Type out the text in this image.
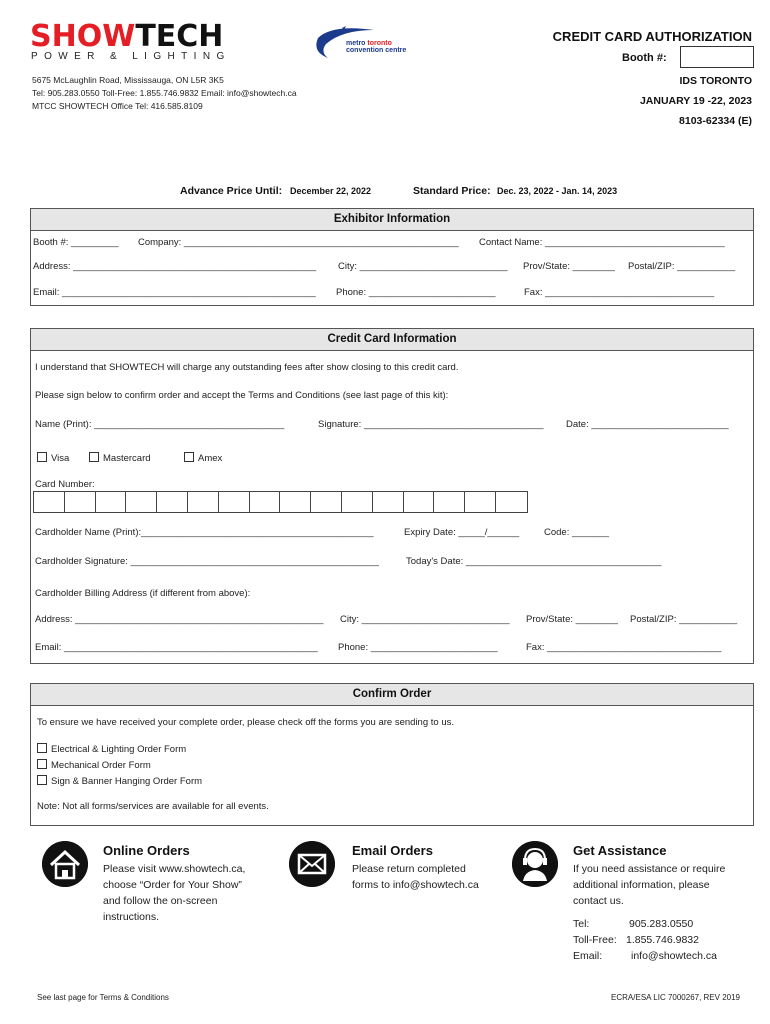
SHOWTECH
POWER & LIGHTING
metro toronto
convention centre
CREDIT CARD AUTHORIZATION
Booth #:
5675 McLaughlin Road, Mississauga, ON L5R 3K5
Tel: 905.283.0550 Toll-Free: 1.855.746.9832 Email: info@showtech.ca
MTCC SHOWTECH Office Tel: 416.585.8109
IDS TORONTO
JANUARY 19 -22, 2023
8103-62334 (E)
Advance Price Until: December 22, 2022	Standard Price: Dec. 23, 2022 - Jan. 14, 2023
Exhibitor Information
Booth #: _________ Company: ____________________________________________________ Contact Name: __________________________________
Address: ______________________________________________ City: ____________________________ Prov/State: ________ Postal/ZIP: ___________
Email: ________________________________________________ Phone: ________________________	Fax: ________________________________
Credit Card Information
I understand that SHOWTECH will charge any outstanding fees after show closing to this credit card.
Please sign below to confirm order and accept the Terms and Conditions (see last page of this kit):
Name (Print): ____________________________________	Signature: __________________________________ Date: __________________________
Visa	Mastercard	Amex
Card Number:
Cardholder Name (Print):____________________________________________	Expiry Date: _____/______	Code: _______
Cardholder Signature: _______________________________________________	Today's Date: _____________________________________
Cardholder Billing Address (if different from above):
Address: _______________________________________________ City: ____________________________ Prov/State: ________ Postal/ZIP: ___________
Email: ________________________________________________ Phone: ________________________	Fax: _________________________________
Confirm Order
To ensure we have received your complete order, please check off the forms you are sending to us.
Electrical & Lighting Order Form
Mechanical Order Form
Sign & Banner Hanging Order Form
Note: Not all forms/services are available for all events.
Online Orders
Please visit www.showtech.ca,
choose “Order for Your Show”
and follow the on-screen
instructions.
Email Orders
Please return completed
forms to info@showtech.ca
Get Assistance
If you need assistance or require
additional information, please
contact us.
Tel:	905.283.0550
Toll-Free: 1.855.746.9832
Email:	info@showtech.ca
See last page for Terms & Conditions	ECRA/ESA LIC 7000267, REV 2019
